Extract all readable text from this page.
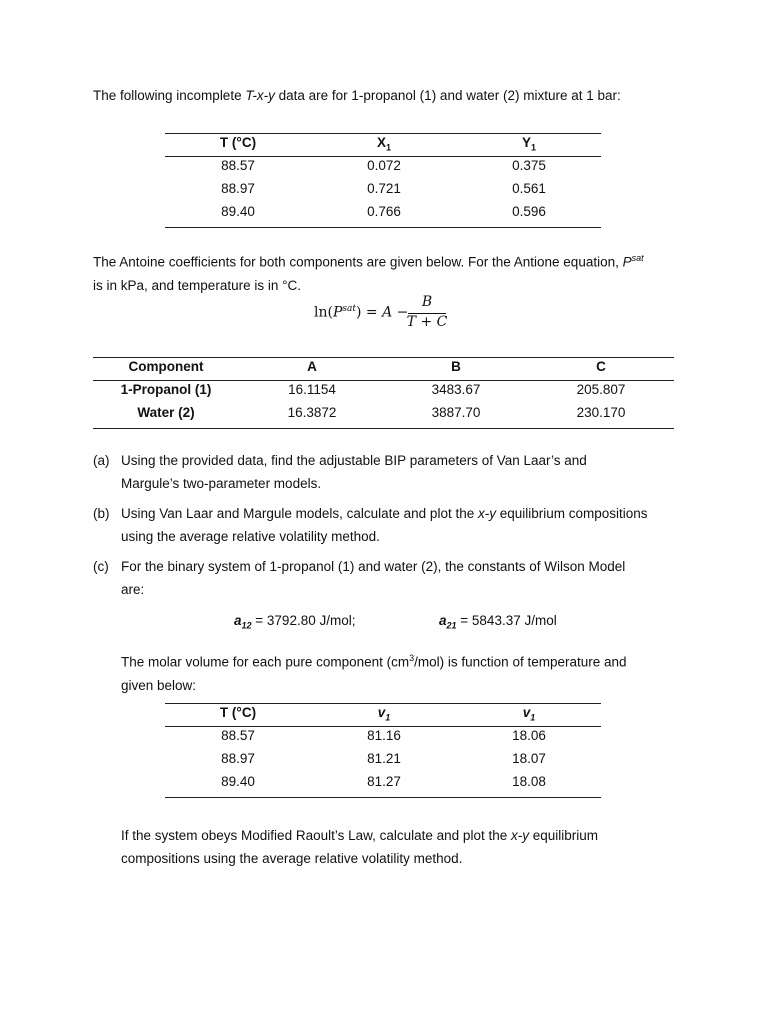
The following incomplete T-x-y data are for 1-propanol (1) and water (2) mixture at 1 bar:
T (°C)	$X_1$	$Y_1$
88.57	0.072	0.375
88.97	0.721	0.561
89.40	0.766	0.596
The Antoine coefficients for both components are given below. For the Antione equation, $P^{sat}$
is in kPa, and temperature is in °C.
$\ln(P^{sat}) = A$ −
B
T + C
Component	A	B	C
1-Propanol (1)	16.1154	3483.67	205.807
Water (2)	16.3872	3887.70	230.170
(a) Using the provided data, find the adjustable BIP parameters of Van Laar’s and
Margule’s two-parameter models.
(b) Using Van Laar and Margule models, calculate and plot the x-y equilibrium compositions
using the average relative volatility method.
(c) For the binary system of 1-propanol (1) and water (2), the constants of Wilson Model
are:
$a_{12} = 3792.80$ J/mol;	$a_{21} = 5843.37$ J/mol
The molar volume for each pure component $(cm^3/mol)$ is function of temperature and
given below:
T (°C)	$v_1$	$v_1$
88.57	81.16	18.06
88.97	81.21	18.07
89.40	81.27	18.08
If the system obeys Modified Raoult’s Law, calculate and plot the x-y equilibrium
compositions using the average relative volatility method.
